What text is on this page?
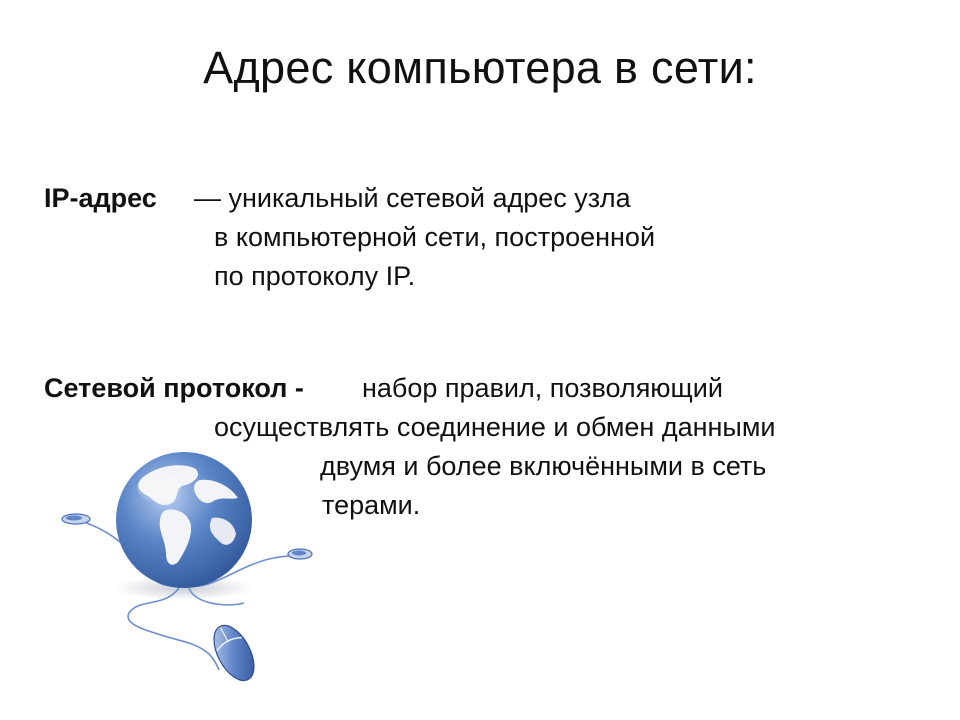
Адрес компьютера в сети:
IP-адрес — уникальный сетевой адрес узла
в компьютерной сети, построенной
по протоколу IP.
Сетевой протокол - набор правил, позволяющий
осуществлять соединение и обмен данными
двумя и более включёнными в сеть
терами.
